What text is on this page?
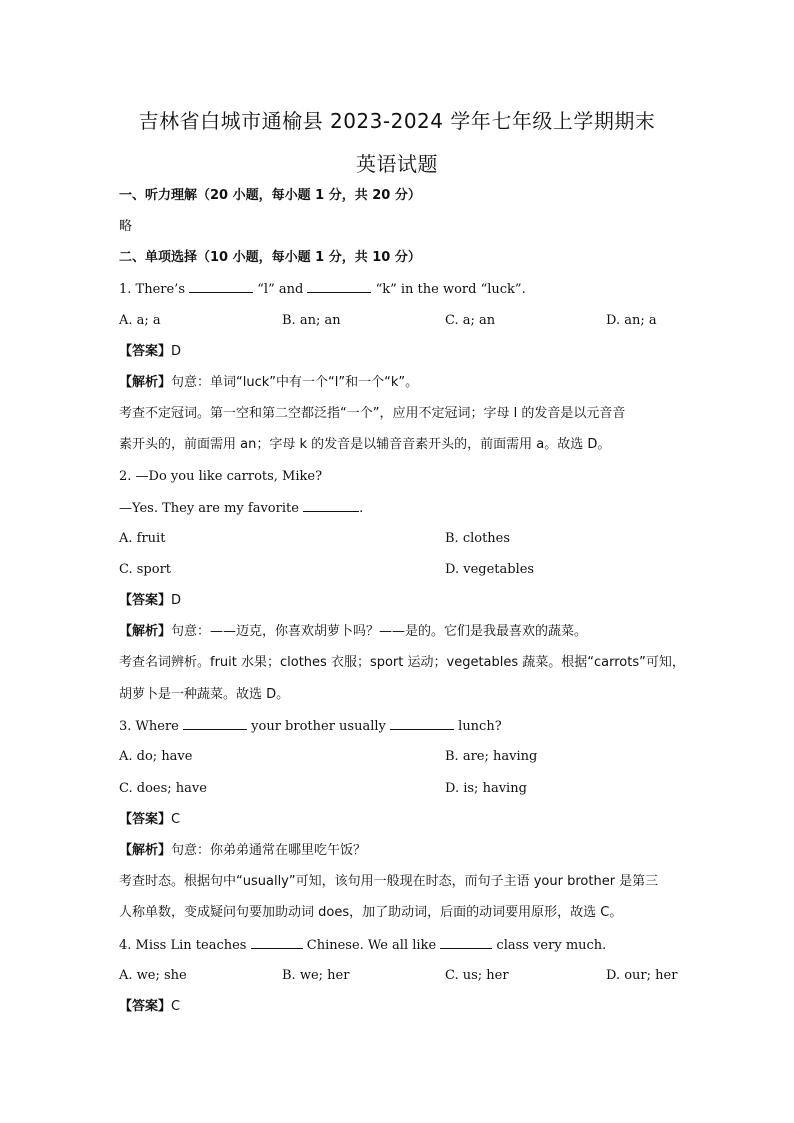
吉林省白城市通榆县 2023-2024 学年七年级上学期期末
英语试题
一、听力理解（20 小题，每小题 1 分，共 20 分）
略
二、单项选择（10 小题，每小题 1 分，共 10 分）
1. There’s	“l” and	“k” in the word “luck”.
A. a; a	B. an; an	C. a; an	D. an; a
【答案】D
【解析】句意：单词“luck”中有一个“l”和一个“k”。
考查不定冠词。第一空和第二空都泛指“一个”，应用不定冠词；字母 l 的发音是以元音音
素开头的，前面需用 an；字母 k 的发音是以辅音音素开头的，前面需用 a。故选 D。
2. —Do you like carrots, Mike?
—Yes. They are my favorite	.
A. fruit	B. clothes
C. sport	D. vegetables
【答案】D
【解析】句意：——迈克，你喜欢胡萝卜吗？——是的。它们是我最喜欢的蔬菜。
考查名词辨析。fruit 水果；clothes 衣服；sport 运动；vegetables 蔬菜。根据“carrots”可知，
胡萝卜是一种蔬菜。故选 D。
3. Where	your brother usually	lunch?
A. do; have	B. are; having
C. does; have	D. is; having
【答案】C
【解析】句意：你弟弟通常在哪里吃午饭？
考查时态。根据句中“usually”可知，该句用一般现在时态，而句子主语 your brother 是第三
人称单数，变成疑问句要加助动词 does，加了助动词，后面的动词要用原形，故选 C。
4. Miss Lin teaches	Chinese. We all like	class very much.
A. we; she	B. we; her	C. us; her	D. our; her
【答案】C
